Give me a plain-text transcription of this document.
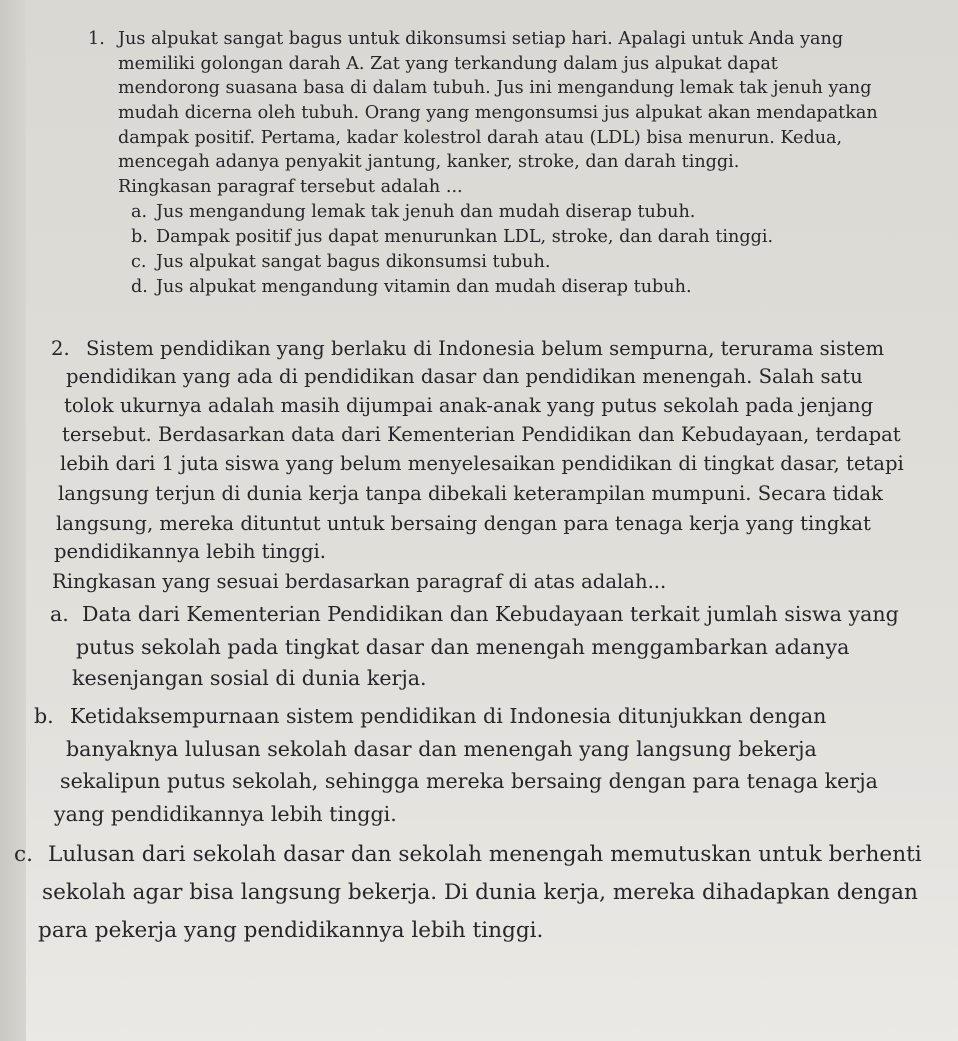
1. Jus alpukat sangat bagus untuk dikonsumsi setiap hari. Apalagi untuk Anda yang
memiliki golongan darah A. Zat yang terkandung dalam jus alpukat dapat
mendorong suasana basa di dalam tubuh. Jus ini mengandung lemak tak jenuh yang
mudah dicerna oleh tubuh. Orang yang mengonsumsi jus alpukat akan mendapatkan
dampak positif. Pertama, kadar kolestrol darah atau (LDL) bisa menurun. Kedua,
mencegah adanya penyakit jantung, kanker, stroke, dan darah tinggi.
Ringkasan paragraf tersebut adalah ...
a. Jus mengandung lemak tak jenuh dan mudah diserap tubuh.
b. Dampak positif jus dapat menurunkan LDL, stroke, dan darah tinggi.
c. Jus alpukat sangat bagus dikonsumsi tubuh.
d. Jus alpukat mengandung vitamin dan mudah diserap tubuh.
2. Sistem pendidikan yang berlaku di Indonesia belum sempurna, terurama sistem
pendidikan yang ada di pendidikan dasar dan pendidikan menengah. Salah satu
tolok ukurnya adalah masih dijumpai anak-anak yang putus sekolah pada jenjang
tersebut. Berdasarkan data dari Kementerian Pendidikan dan Kebudayaan, terdapat
lebih dari 1 juta siswa yang belum menyelesaikan pendidikan di tingkat dasar, tetapi
langsung terjun di dunia kerja tanpa dibekali keterampilan mumpuni. Secara tidak
langsung, mereka dituntut untuk bersaing dengan para tenaga kerja yang tingkat
pendidikannya lebih tinggi.
Ringkasan yang sesuai berdasarkan paragraf di atas adalah...
a. Data dari Kementerian Pendidikan dan Kebudayaan terkait jumlah siswa yang
putus sekolah pada tingkat dasar dan menengah menggambarkan adanya
kesenjangan sosial di dunia kerja.
b. Ketidaksempurnaan sistem pendidikan di Indonesia ditunjukkan dengan
banyaknya lulusan sekolah dasar dan menengah yang langsung bekerja
sekalipun putus sekolah, sehingga mereka bersaing dengan para tenaga kerja
yang pendidikannya lebih tinggi.
c. Lulusan dari sekolah dasar dan sekolah menengah memutuskan untuk berhenti
sekolah agar bisa langsung bekerja. Di dunia kerja, mereka dihadapkan dengan
para pekerja yang pendidikannya lebih tinggi.
